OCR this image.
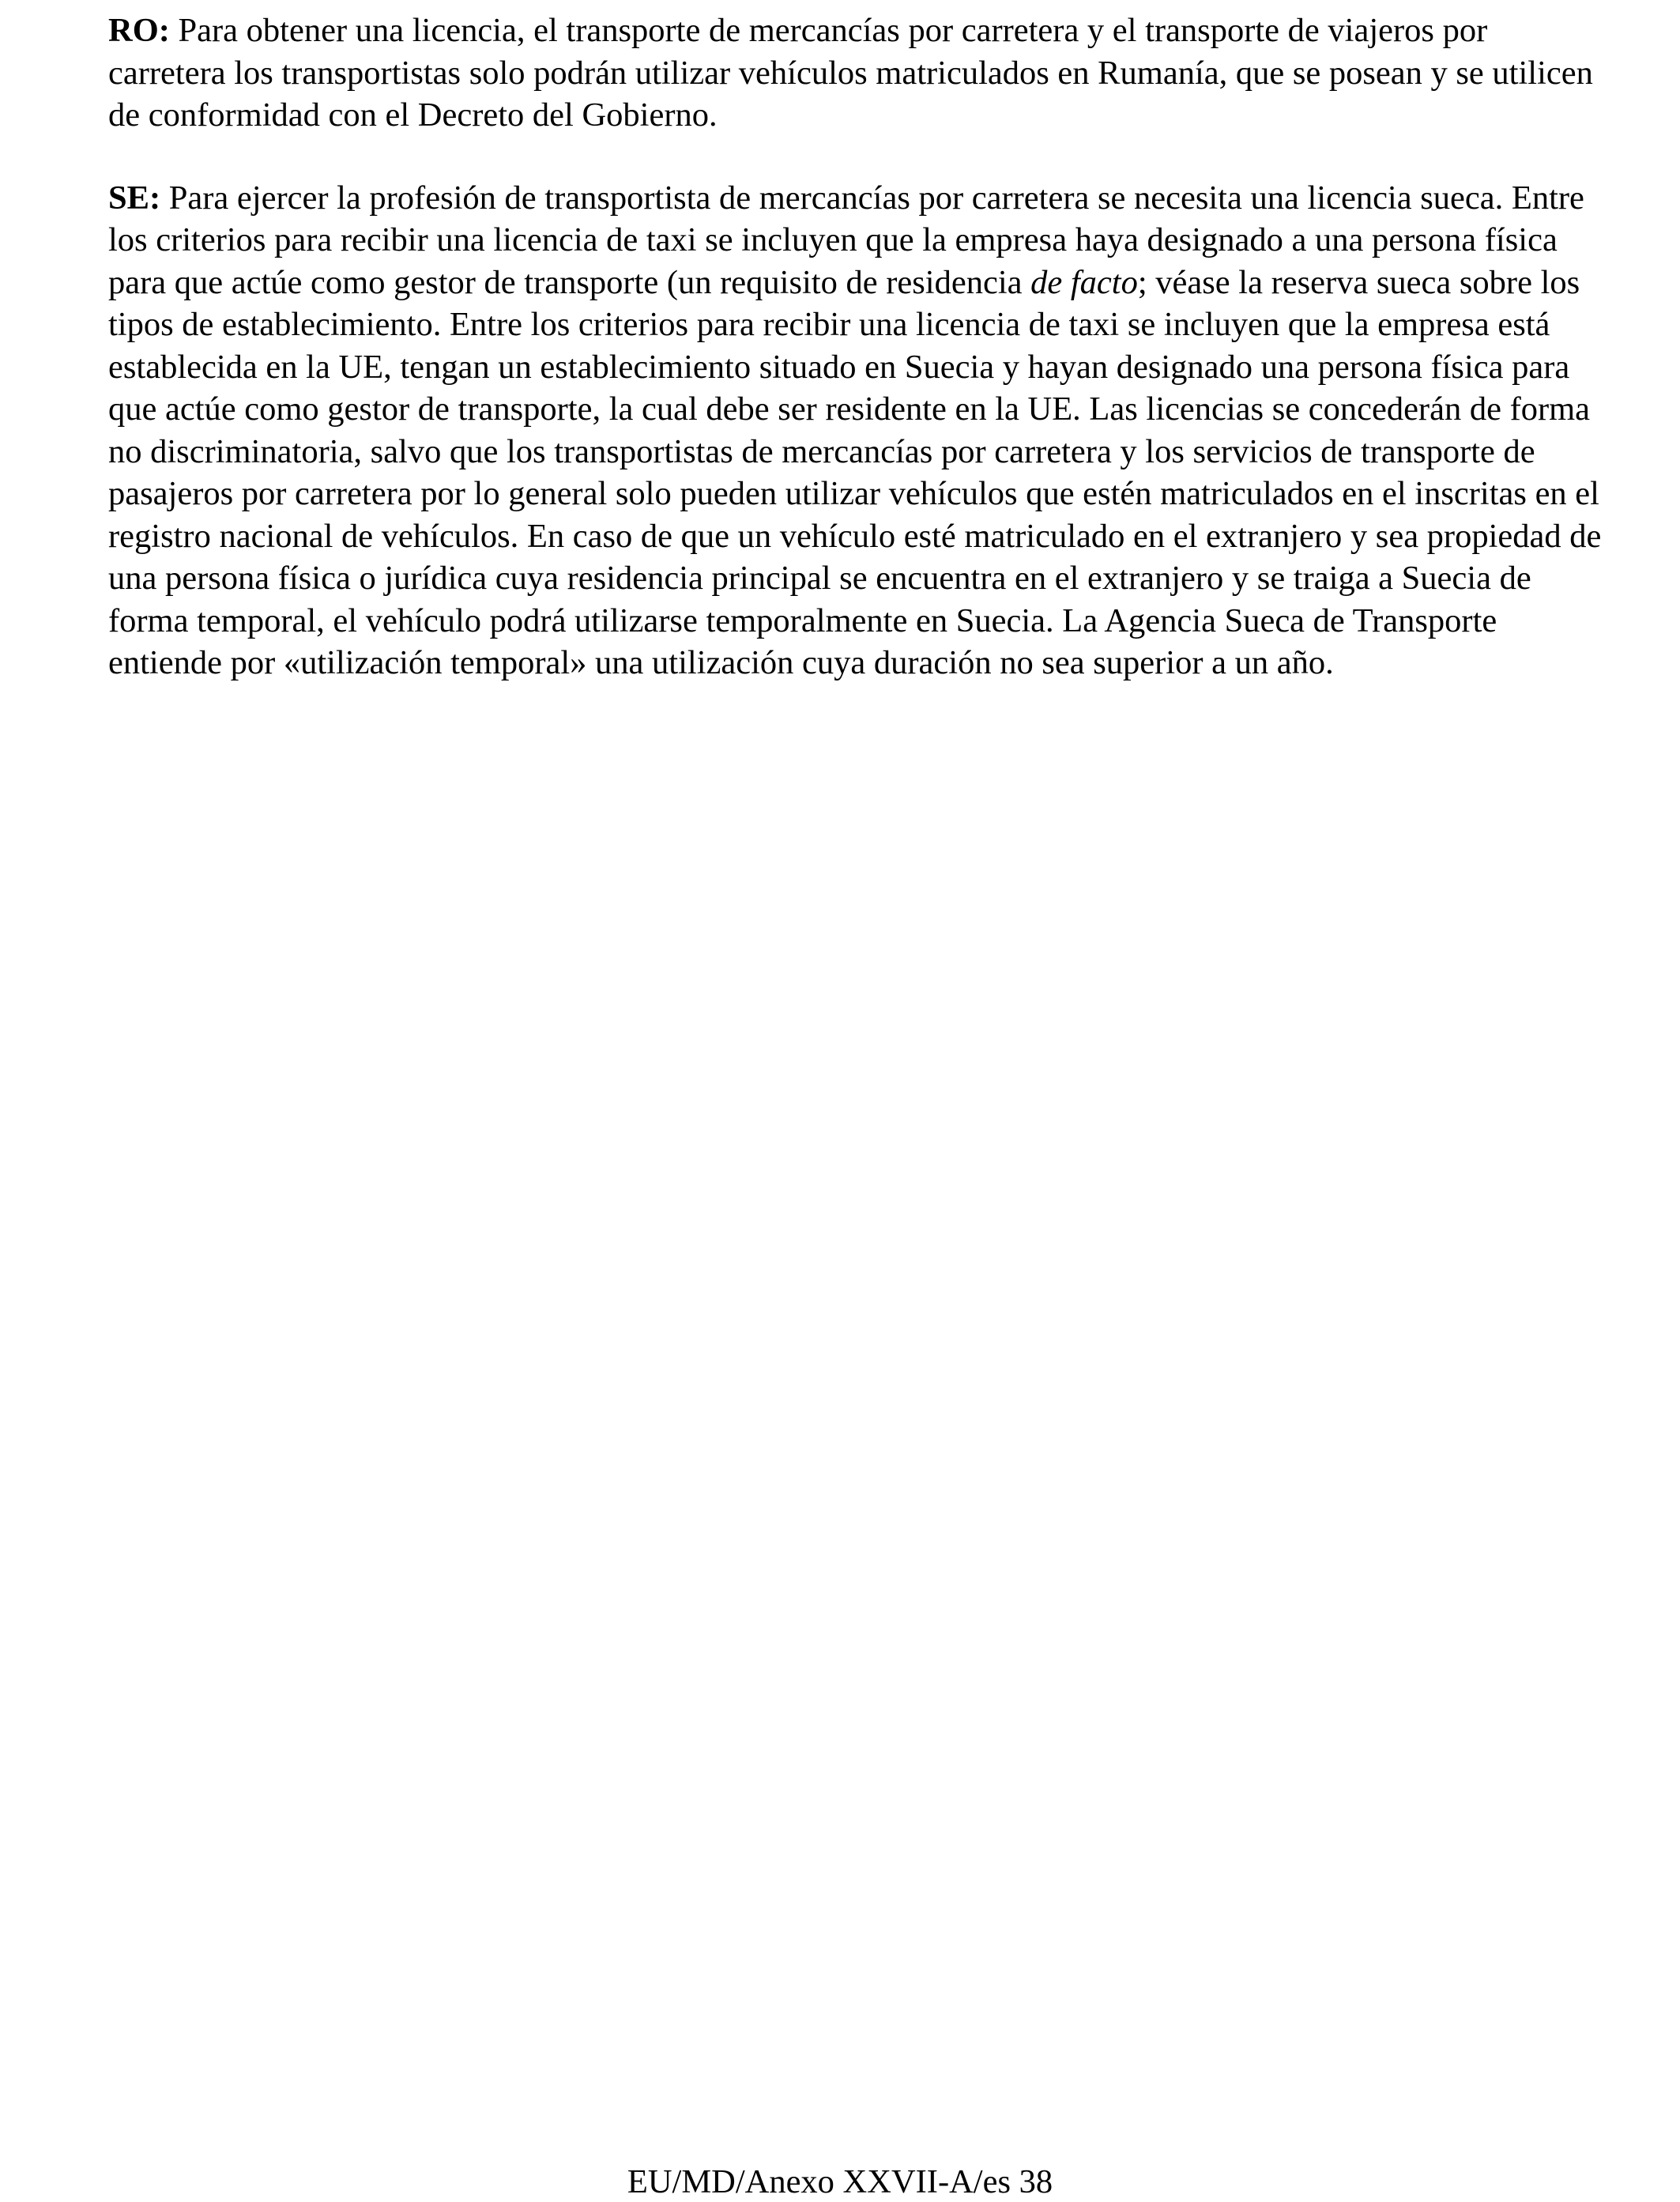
RO: Para obtener una licencia, el transporte de mercancías por carretera y el transporte de viajeros por carretera los transportistas solo podrán utilizar vehículos matriculados en Rumanía, que se posean y se utilicen de conformidad con el Decreto del Gobierno.

SE: Para ejercer la profesión de transportista de mercancías por carretera se necesita una licencia sueca. Entre los criterios para recibir una licencia de taxi se incluyen que la empresa haya designado a una persona física para que actúe como gestor de transporte (un requisito de residencia de facto; véase la reserva sueca sobre los tipos de establecimiento. Entre los criterios para recibir una licencia de taxi se incluyen que la empresa está establecida en la UE, tengan un establecimiento situado en Suecia y hayan designado una persona física para que actúe como gestor de transporte, la cual debe ser residente en la UE. Las licencias se concederán de forma no discriminatoria, salvo que los transportistas de mercancías por carretera y los servicios de transporte de pasajeros por carretera por lo general solo pueden utilizar vehículos que estén matriculados en el inscritas en el registro nacional de vehículos. En caso de que un vehículo esté matriculado en el extranjero y sea propiedad de una persona física o jurídica cuya residencia principal se encuentra en el extranjero y se traiga a Suecia de forma temporal, el vehículo podrá utilizarse temporalmente en Suecia. La Agencia Sueca de Transporte entiende por «utilización temporal» una utilización cuya duración no sea superior a un año.

EU/MD/Anexo XXVII-A/es 38
